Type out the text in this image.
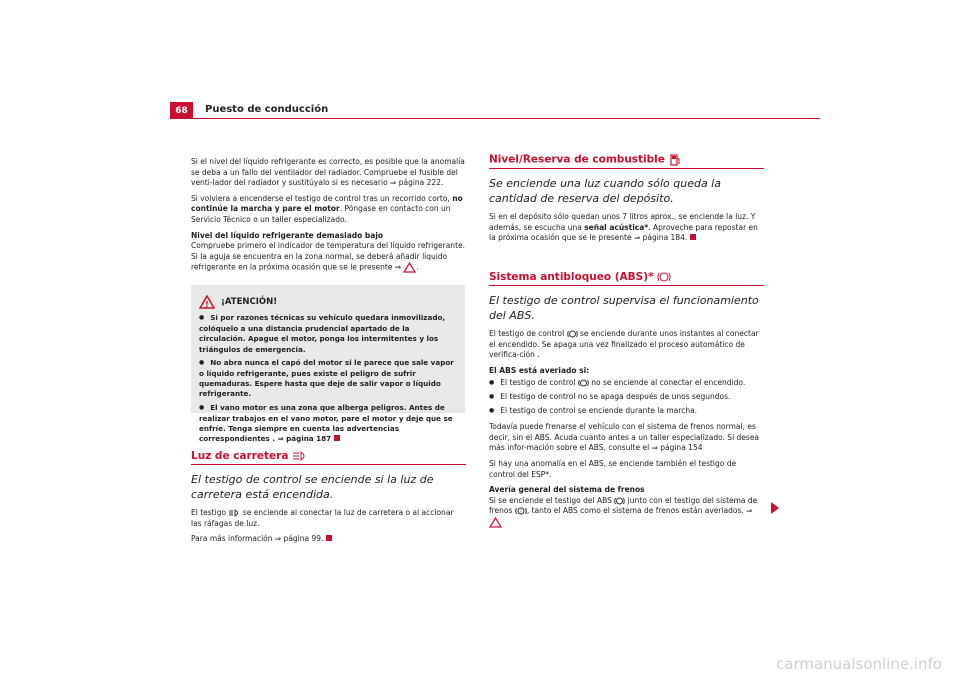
68	Puesto de conducción

Si el nivel del líquido refrigerante es correcto, es posible que la anomalía se deba a un fallo del ventilador del radiador. Compruebe el fusible del venti-lador del radiador y sustitúyalo si es necesario ⇒ página 222.

Si volviera a encenderse el testigo de control tras un recorrido corto, no continúe la marcha y pare el motor. Póngase en contacto con un Servicio Técnico o un taller especializado.

Nivel del líquido refrigerante demasiado bajo

Compruebe primero el indicador de temperatura del líquido refrigerante. Si la aguja se encuentra en la zona normal, se deberá añadir líquido refrigerante en la próxima ocasión que se le presente ⇒ .

! ¡ATENCIÓN!

● Si por razones técnicas su vehículo quedara inmovilizado, colóquelo a una distancia prudencial apartado de la circulación. Apague el motor, ponga los intermitentes y los triángulos de emergencia.

● No abra nunca el capó del motor si le parece que sale vapor o líquido refrigerante, pues existe el peligro de sufrir quemaduras. Espere hasta que deje de salir vapor o líquido refrigerante.

● El vano motor es una zona que alberga peligros. Antes de realizar trabajos en el vano motor, pare el motor y deje que se enfríe. Tenga siempre en cuenta las advertencias correspondientes . ⇒ página 187

Luz de carretera
El testigo de control se enciende si la luz de carretera está encendida.

El testigo se enciende al conectar la luz de carretera o al accionar las ráfagas de luz.

Para más información ⇒ página 99.

Nivel/Reserva de combustible
Se enciende una luz cuando sólo queda la cantidad de reserva del depósito.

Si en el depósito sólo quedan unos 7 litros aprox., se enciende la luz. Y además, se escucha una señal acústica*. Aproveche para repostar en la próxima ocasión que se le presente ⇒ página 184.

Sistema antibloqueo (ABS)*
El testigo de control supervisa el funcionamiento del ABS.

El testigo de control se enciende durante unos instantes al conectar el encendido. Se apaga una vez finalizado el proceso automático de verifica-ción .

El ABS está averiado si:

● El testigo de control no se enciende al conectar el encendido.

● El testigo de control no se apaga después de unos segundos.

● El testigo de control se enciende durante la marcha.

Todavía puede frenarse el vehículo con el sistema de frenos normal, es decir, sin el ABS. Acuda cuanto antes a un taller especializado. Si desea más infor-mación sobre el ABS, consulte el ⇒ página 154

Si hay una anomalía en el ABS, se enciende también el testigo de control del ESP*.

Avería general del sistema de frenos

Si se enciende el testigo del ABS junto con el testigo del sistema de frenos ! , tanto el ABS como el sistema de frenos están averiados. ⇒

carmanualsonline.info
